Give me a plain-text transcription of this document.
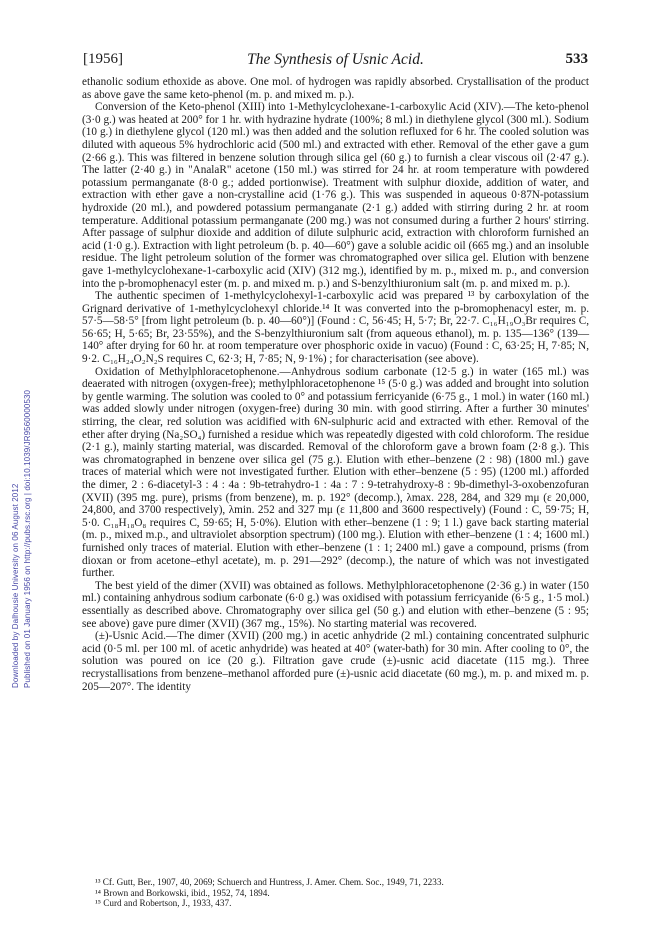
Downloaded by Dalhousie University on 06 August 2012 Published on 01 January 1956 on http://pubs.rsc.org | doi:10.1039/JR9560000530
[1956]	The Synthesis of Usnic Acid.	533

ethanolic sodium ethoxide as above. One mol. of hydrogen was rapidly absorbed. Crystallisation of the product as above gave the same keto-phenol (m. p. and mixed m. p.).

Conversion of the Keto-phenol (XIII) into 1-Methylcyclohexane-1-carboxylic Acid (XIV).—The keto-phenol (3·0 g.) was heated at 200° for 1 hr. with hydrazine hydrate (100%; 8 ml.) in diethylene glycol (300 ml.). Sodium (10 g.) in diethylene glycol (120 ml.) was then added and the solution refluxed for 6 hr. The cooled solution was diluted with aqueous 5% hydrochloric acid (500 ml.) and extracted with ether. Removal of the ether gave a gum (2·66 g.). This was filtered in benzene solution through silica gel (60 g.) to furnish a clear viscous oil (2·47 g.). The latter (2·40 g.) in "AnalaR" acetone (150 ml.) was stirred for 24 hr. at room temperature with powdered potassium permanganate (8·0 g.; added portionwise). Treatment with sulphur dioxide, addition of water, and extraction with ether gave a non-crystalline acid (1·76 g.). This was suspended in aqueous 0·87N-potassium hydroxide (20 ml.), and powdered potassium permanganate (2·1 g.) added with stirring during 2 hr. at room temperature. Additional potassium permanganate (200 mg.) was not consumed during a further 2 hours' stirring. After passage of sulphur dioxide and addition of dilute sulphuric acid, extraction with chloroform furnished an acid (1·0 g.). Extraction with light petroleum (b. p. 40—60°) gave a soluble acidic oil (665 mg.) and an insoluble residue. The light petroleum solution of the former was chromatographed over silica gel. Elution with benzene gave 1-methylcyclohexane-1-carboxylic acid (XIV) (312 mg.), identified by m. p., mixed m. p., and conversion into the p-bromophenacyl ester (m. p. and mixed m. p.) and S-benzylthiuronium salt (m. p. and mixed m. p.).

The authentic specimen of 1-methylcyclohexyl-1-carboxylic acid was prepared ¹³ by carboxylation of the Grignard derivative of 1-methylcyclohexyl chloride.¹⁴ It was converted into the p-bromophenacyl ester, m. p. 57·5—58·5° [from light petroleum (b. p. 40—60°)] (Found : C, 56·45; H, 5·7; Br, 22·7. C₁₆H₁₉O₃Br requires C, 56·65; H, 5·65; Br, 23·55%), and the S-benzylthiuronium salt (from aqueous ethanol), m. p. 135—136° (139—140° after drying for 60 hr. at room temperature over phosphoric oxide in vacuo) (Found : C, 63·25; H, 7·85; N, 9·2. C₁₆H₂₄O₂N₂S requires C, 62·3; H, 7·85; N, 9·1%) ; for characterisation (see above).

Oxidation of Methylphloracetophenone.—Anhydrous sodium carbonate (12·5 g.) in water (165 ml.) was deaerated with nitrogen (oxygen-free); methylphloracetophenone ¹⁵ (5·0 g.) was added and brought into solution by gentle warming. The solution was cooled to 0° and potassium ferricyanide (6·75 g., 1 mol.) in water (160 ml.) was added slowly under nitrogen (oxygen-free) during 30 min. with good stirring. After a further 30 minutes' stirring, the clear, red solution was acidified with 6N-sulphuric acid and extracted with ether. Removal of the ether after drying (Na₂SO₄) furnished a residue which was repeatedly digested with cold chloroform. The residue (2·1 g.), mainly starting material, was discarded. Removal of the chloroform gave a brown foam (2·8 g.). This was chromatographed in benzene over silica gel (75 g.). Elution with ether–benzene (2 : 98) (1800 ml.) gave traces of material which were not investigated further. Elution with ether–benzene (5 : 95) (1200 ml.) afforded the dimer, 2 : 6-diacetyl-3 : 4 : 4a : 9b-tetrahydro-1 : 4a : 7 : 9-tetrahydroxy-8 : 9b-dimethyl-3-oxobenzofuran (XVII) (395 mg. pure), prisms (from benzene), m. p. 192° (decomp.), λmax. 228, 284, and 329 mμ (ε 20,000, 24,800, and 3700 respectively), λmin. 252 and 327 mμ (ε 11,800 and 3600 respectively) (Found : C, 59·75; H, 5·0. C₁₈H₁₈O₈ requires C, 59·65; H, 5·0%). Elution with ether–benzene (1 : 9; 1 l.) gave back starting material (m. p., mixed m.p., and ultraviolet absorption spectrum) (100 mg.). Elution with ether–benzene (1 : 4; 1600 ml.) furnished only traces of material. Elution with ether–benzene (1 : 1; 2400 ml.) gave a compound, prisms (from dioxan or from acetone–ethyl acetate), m. p. 291—292° (decomp.), the nature of which was not investigated further.

The best yield of the dimer (XVII) was obtained as follows. Methylphloracetophenone (2·36 g.) in water (150 ml.) containing anhydrous sodium carbonate (6·0 g.) was oxidised with potassium ferricyanide (6·5 g., 1·5 mol.) essentially as described above. Chromatography over silica gel (50 g.) and elution with ether–benzene (5 : 95; see above) gave pure dimer (XVII) (367 mg., 15%). No starting material was recovered.

(±)-Usnic Acid.—The dimer (XVII) (200 mg.) in acetic anhydride (2 ml.) containing concentrated sulphuric acid (0·5 ml. per 100 ml. of acetic anhydride) was heated at 40° (water-bath) for 30 min. After cooling to 0°, the solution was poured on ice (20 g.). Filtration gave crude (±)-usnic acid diacetate (115 mg.). Three recrystallisations from benzene–methanol afforded pure (±)-usnic acid diacetate (60 mg.), m. p. and mixed m. p. 205—207°. The identity

¹³ Cf. Gutt, Ber., 1907, 40, 2069; Schuerch and Huntress, J. Amer. Chem. Soc., 1949, 71, 2233.
¹⁴ Brown and Borkowski, ibid., 1952, 74, 1894.
¹⁵ Curd and Robertson, J., 1933, 437.
